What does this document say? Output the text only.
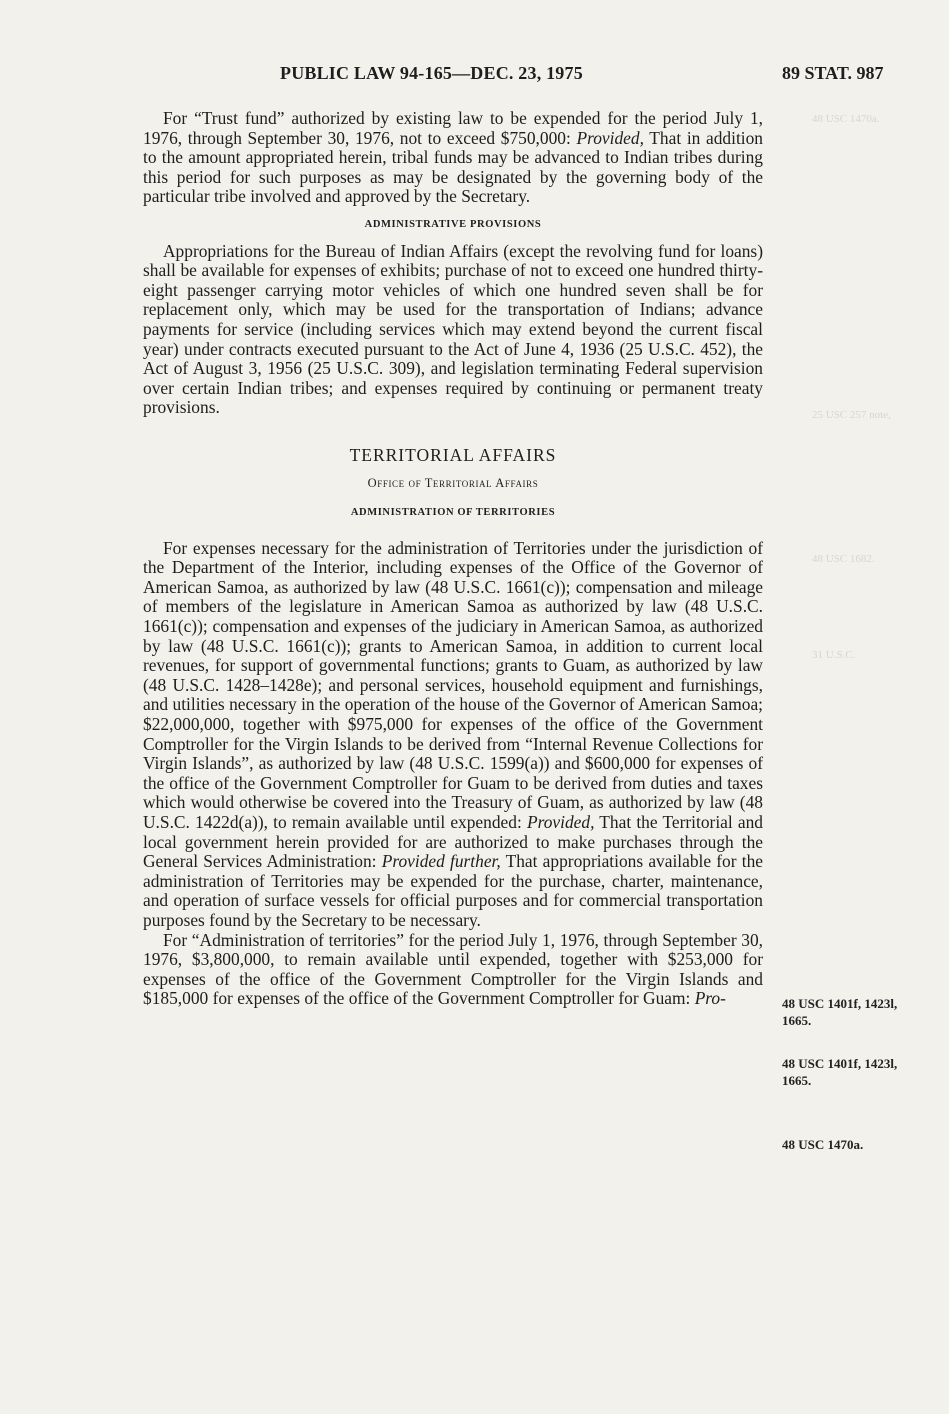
48 USC 1470a.
25 USC 257 note,
48 USC 1682.
31 U.S.C.
PUBLIC LAW 94-165—DEC. 23, 1975	89 STAT. 987

For “Trust fund” authorized by existing law to be expended for the period July 1, 1976, through September 30, 1976, not to exceed $750,000: Provided, That in addition to the amount appropriated herein, tribal funds may be advanced to Indian tribes during this period for such purposes as may be designated by the governing body of the particular tribe involved and approved by the Secretary.

ADMINISTRATIVE PROVISIONS

Appropriations for the Bureau of Indian Affairs (except the revolving fund for loans) shall be available for expenses of exhibits; purchase of not to exceed one hundred thirty-eight passenger carrying motor vehicles of which one hundred seven shall be for replacement only, which may be used for the transportation of Indians; advance payments for service (including services which may extend beyond the current fiscal year) under contracts executed pursuant to the Act of June 4, 1936 (25 U.S.C. 452), the Act of August 3, 1956 (25 U.S.C. 309), and legislation terminating Federal supervision over certain Indian tribes; and expenses required by continuing or permanent treaty provisions.

TERRITORIAL AFFAIRS
Office of Territorial Affairs
ADMINISTRATION OF TERRITORIES

For expenses necessary for the administration of Territories under the jurisdiction of the Department of the Interior, including expenses of the Office of the Governor of American Samoa, as authorized by law (48 U.S.C. 1661(c)); compensation and mileage of members of the legislature in American Samoa as authorized by law (48 U.S.C. 1661(c)); compensation and expenses of the judiciary in American Samoa, as authorized by law (48 U.S.C. 1661(c)); grants to American Samoa, in addition to current local revenues, for support of governmental functions; grants to Guam, as authorized by law (48 U.S.C. 1428–1428e); and personal services, household equipment and furnishings, and utilities necessary in the operation of the house of the Governor of American Samoa; $22,000,000, together with $975,000 for expenses of the office of the Government Comptroller for the Virgin Islands to be derived from “Internal Revenue Collections for Virgin Islands”, as authorized by law (48 U.S.C. 1599(a)) and $600,000 for expenses of the office of the Government Comptroller for Guam to be derived from duties and taxes which would otherwise be covered into the Treasury of Guam, as authorized by law (48 U.S.C. 1422d(a)), to remain available until expended: Provided, That the Territorial and local government herein provided for are authorized to make purchases through the General Services Administration: Provided further, That appropriations available for the administration of Territories may be expended for the purchase, charter, maintenance, and operation of surface vessels for official purposes and for commercial transportation purposes found by the Secretary to be necessary.

For “Administration of territories” for the period July 1, 1976, through September 30, 1976, $3,800,000, to remain available until expended, together with $253,000 for expenses of the office of the Government Comptroller for the Virgin Islands and $185,000 for expenses of the office of the Government Comptroller for Guam: Pro-	48 USC 1401f, 1423l, 1665.
48 USC 1401f, 1423l, 1665.
48 USC 1470a.
